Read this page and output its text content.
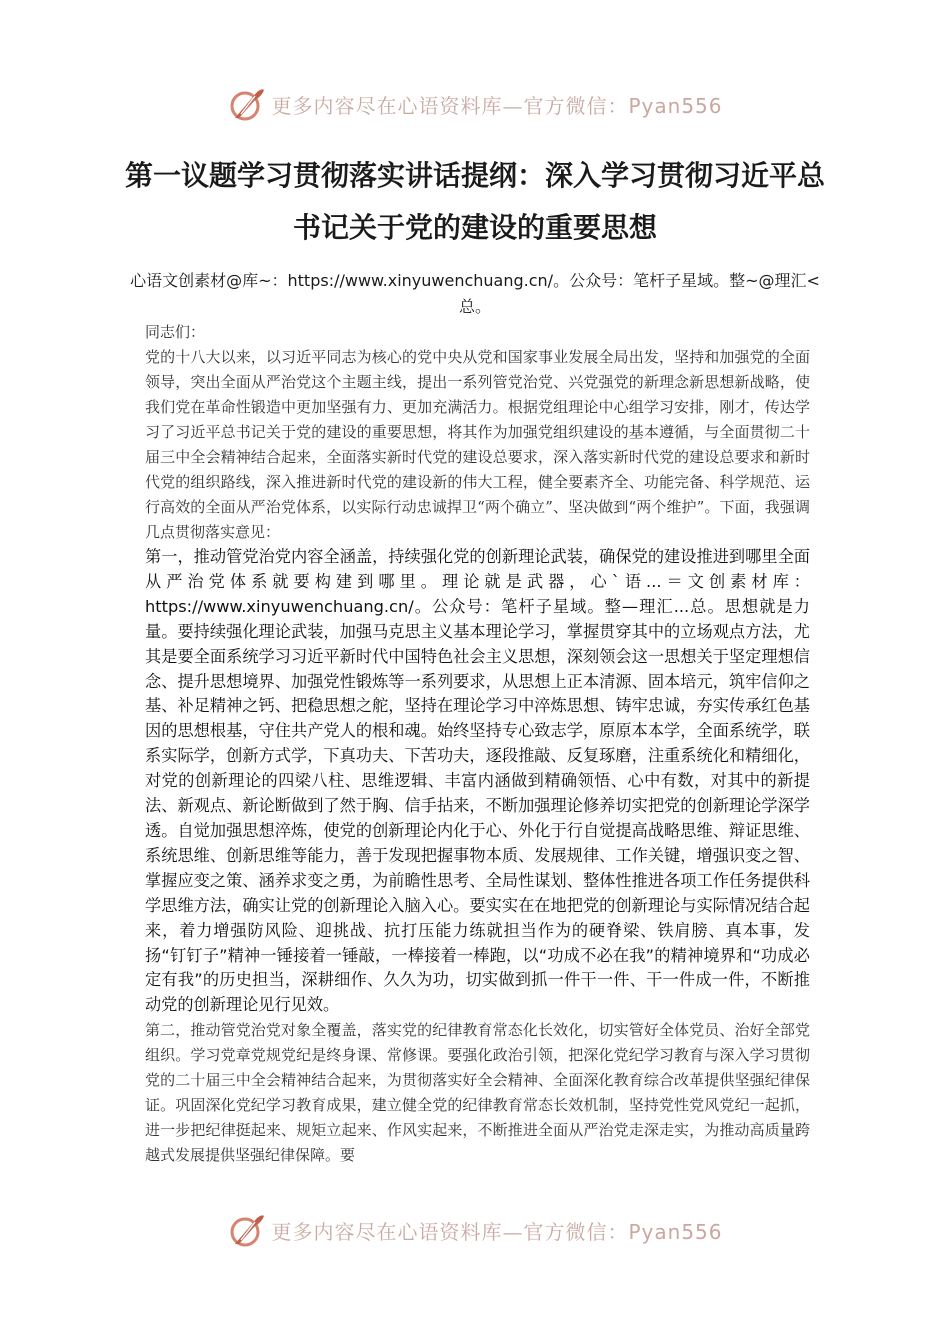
更多内容尽在心语资料库—官方微信：Pyan556
第一议题学习贯彻落实讲话提纲：深入学习贯彻习近平总书记关于党的建设的重要思想
心语文创素材@库~：https://www.xinyuwenchuang.cn/。公众号：笔杆子星域。整~@理汇<总。

同志们：

党的十八大以来，以习近平同志为核心的党中央从党和国家事业发展全局出发，坚持和加强党的全面领导，突出全面从严治党这个主题主线，提出一系列管党治党、兴党强党的新理念新思想新战略，使我们党在革命性锻造中更加坚强有力、更加充满活力。根据党组理论中心组学习安排，刚才，传达学习了习近平总书记关于党的建设的重要思想，将其作为加强党组织建设的基本遵循，与全面贯彻二十届三中全会精神结合起来，全面落实新时代党的建设总要求，深入落实新时代党的建设总要求和新时代党的组织路线，深入推进新时代党的建设新的伟大工程，健全要素齐全、功能完备、科学规范、运行高效的全面从严治党体系，以实际行动忠诚捍卫“两个确立”、坚决做到“两个维护”。下面，我强调几点贯彻落实意见：

第一，推动管党治党内容全涵盖，持续强化党的创新理论武装，确保党的建设推进到哪里全面从严治党体系就要构建到哪里。理论就是武器，心`语...＝文创素材库：https://www.xinyuwenchuang.cn/。公众号：笔杆子星域。整—理汇...总。思想就是力量。要持续强化理论武装，加强马克思主义基本理论学习，掌握贯穿其中的立场观点方法，尤其是要全面系统学习习近平新时代中国特色社会主义思想，深刻领会这一思想关于坚定理想信念、提升思想境界、加强党性锻炼等一系列要求，从思想上正本清源、固本培元，筑牢信仰之基、补足精神之钙、把稳思想之舵，坚持在理论学习中淬炼思想、铸牢忠诚，夯实传承红色基因的思想根基，守住共产党人的根和魂。始终坚持专心致志学，原原本本学，全面系统学，联系实际学，创新方式学，下真功夫、下苦功夫，逐段推敲、反复琢磨，注重系统化和精细化，对党的创新理论的四梁八柱、思维逻辑、丰富内涵做到精确领悟、心中有数，对其中的新提法、新观点、新论断做到了然于胸、信手拈来，不断加强理论修养切实把党的创新理论学深学透。自觉加强思想淬炼，使党的创新理论内化于心、外化于行自觉提高战略思维、辩证思维、系统思维、创新思维等能力，善于发现把握事物本质、发展规律、工作关键，增强识变之智、掌握应变之策、涵养求变之勇，为前瞻性思考、全局性谋划、整体性推进各项工作任务提供科学思维方法，确实让党的创新理论入脑入心。要实实在在地把党的创新理论与实际情况结合起来，着力增强防风险、迎挑战、抗打压能力练就担当作为的硬脊梁、铁肩膀、真本事，发扬“钉钉子”精神一锤接着一锤敲，一棒接着一棒跑，以“功成不必在我”的精神境界和“功成必定有我”的历史担当，深耕细作、久久为功，切实做到抓一件干一件、干一件成一件，不断推动党的创新理论见行见效。

第二，推动管党治党对象全覆盖，落实党的纪律教育常态化长效化，切实管好全体党员、治好全部党组织。学习党章党规党纪是终身课、常修课。要强化政治引领，把深化党纪学习教育与深入学习贯彻党的二十届三中全会精神结合起来，为贯彻落实好全会精神、全面深化教育综合改革提供坚强纪律保证。巩固深化党纪学习教育成果，建立健全党的纪律教育常态长效机制，坚持党性党风党纪一起抓，进一步把纪律挺起来、规矩立起来、作风实起来，不断推进全面从严治党走深走实，为推动高质量跨越式发展提供坚强纪律保障。要

更多内容尽在心语资料库—官方微信：Pyan556
